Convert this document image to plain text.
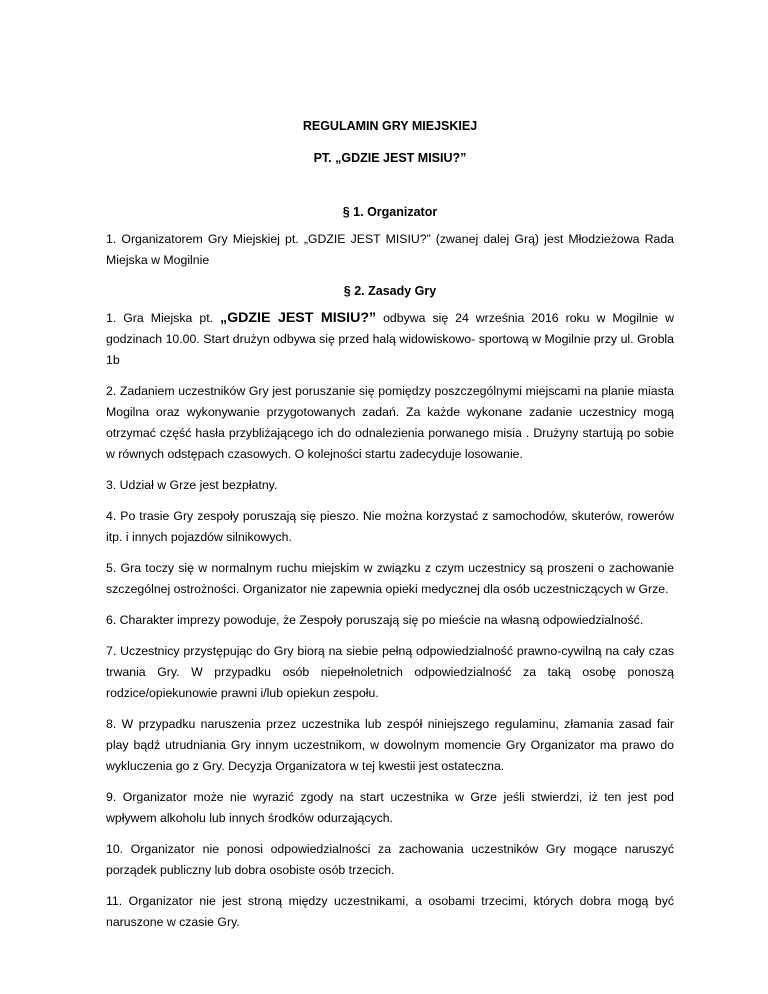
REGULAMIN GRY MIEJSKIEJ
PT. „GDZIE JEST MISIU?”
§ 1. Organizator

1. Organizatorem Gry Miejskiej pt. „GDZIE JEST MISIU?” (zwanej dalej Grą) jest Młodzieżowa Rada Miejska w Mogilnie

§ 2. Zasady Gry

1. Gra Miejska pt. „GDZIE JEST MISIU?” odbywa się 24 września 2016 roku w Mogilnie w godzinach 10.00. Start drużyn odbywa się przed halą widowiskowo- sportową w Mogilnie przy ul. Grobla 1b

2. Zadaniem uczestników Gry jest poruszanie się pomiędzy poszczególnymi miejscami na planie miasta Mogilna oraz wykonywanie przygotowanych zadań. Za każde wykonane zadanie uczestnicy mogą otrzymać część hasła przybliżającego ich do odnalezienia porwanego misia . Drużyny startują po sobie w równych odstępach czasowych. O kolejności startu zadecyduje losowanie.

3. Udział w Grze jest bezpłatny.

4. Po trasie Gry zespoły poruszają się pieszo. Nie można korzystać z samochodów, skuterów, rowerów itp. i innych pojazdów silnikowych.

5. Gra toczy się w normalnym ruchu miejskim w związku z czym uczestnicy są proszeni o zachowanie szczególnej ostrożności. Organizator nie zapewnia opieki medycznej dla osób uczestniczących w Grze.

6. Charakter imprezy powoduje, że Zespoły poruszają się po mieście na własną odpowiedzialność.

7. Uczestnicy przystępując do Gry biorą na siebie pełną odpowiedzialność prawno-cywilną na cały czas trwania Gry. W przypadku osób niepełnoletnich odpowiedzialność za taką osobę ponoszą rodzice/opiekunowie prawni i/lub opiekun zespołu.

8. W przypadku naruszenia przez uczestnika lub zespół niniejszego regulaminu, złamania zasad fair play bądź utrudniania Gry innym uczestnikom, w dowolnym momencie Gry Organizator ma prawo do wykluczenia go z Gry. Decyzja Organizatora w tej kwestii jest ostateczna.

9. Organizator może nie wyrazić zgody na start uczestnika w Grze jeśli stwierdzi, iż ten jest pod wpływem alkoholu lub innych środków odurzających.

10. Organizator nie ponosi odpowiedzialności za zachowania uczestników Gry mogące naruszyć porządek publiczny lub dobra osobiste osób trzecich.

11. Organizator nie jest stroną między uczestnikami, a osobami trzecimi, których dobra mogą być naruszone w czasie Gry.
